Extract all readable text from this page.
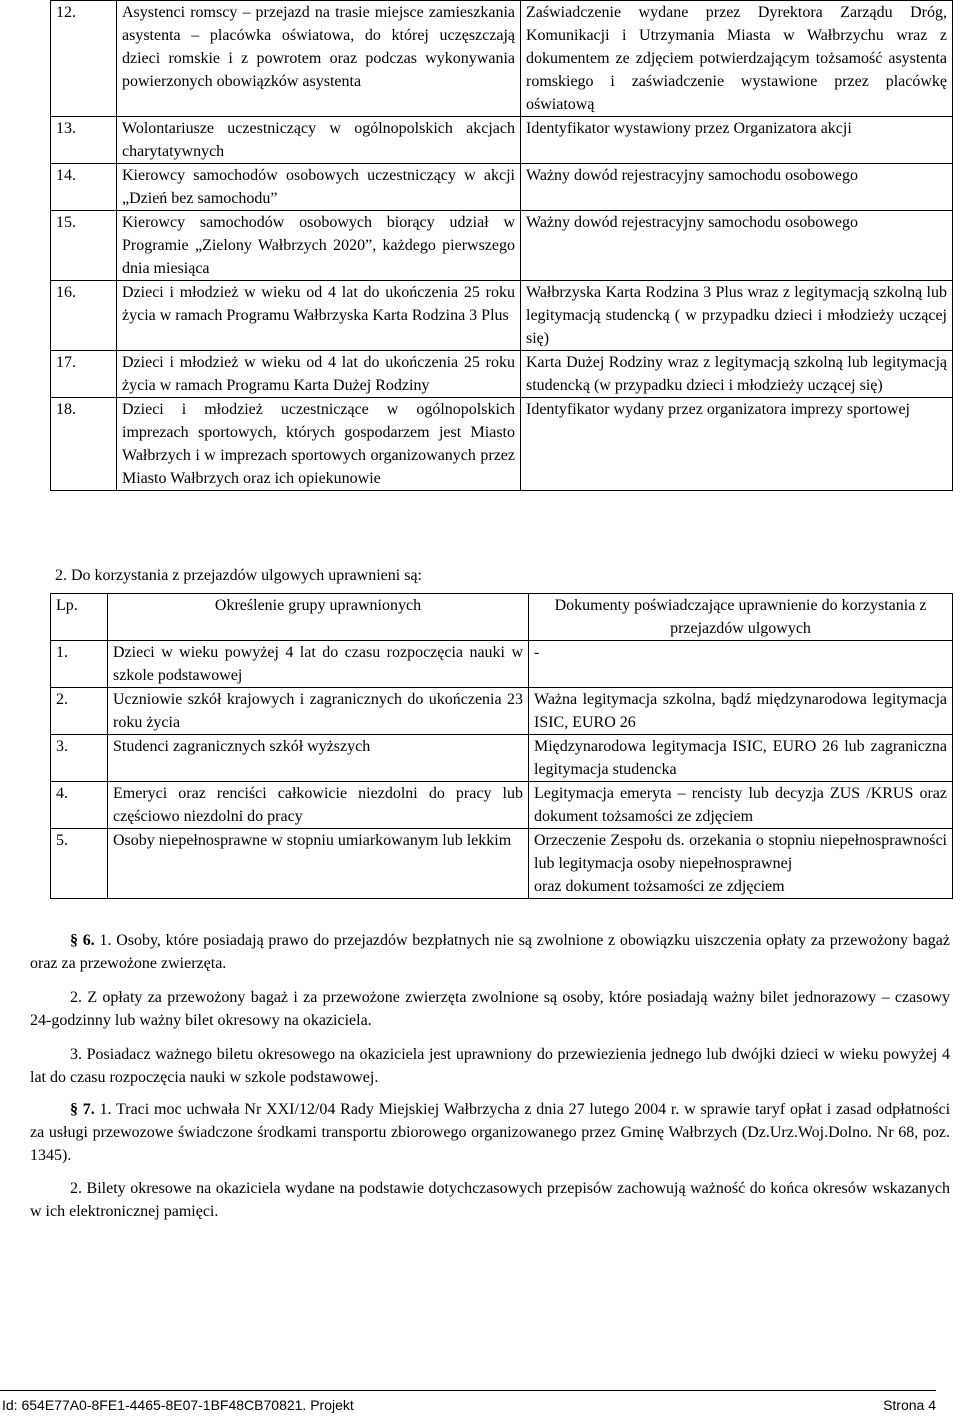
12.	Asystenci romscy – przejazd na trasie miejsce zamieszkania asystenta – placówka oświatowa, do której uczęszczają dzieci romskie i z powrotem oraz podczas wykonywania powierzonych obowiązków asystenta	Zaświadczenie wydane przez Dyrektora Zarządu Dróg, Komunikacji i Utrzymania Miasta w Wałbrzychu wraz z dokumentem ze zdjęciem potwierdzającym tożsamość asystenta romskiego i zaświadczenie wystawione przez placówkę oświatową
13.	Wolontariusze uczestniczący w ogólnopolskich akcjach charytatywnych	Identyfikator wystawiony przez Organizatora akcji
14.	Kierowcy samochodów osobowych uczestniczący w akcji „Dzień bez samochodu”	Ważny dowód rejestracyjny samochodu osobowego
15.	Kierowcy samochodów osobowych biorący udział w Programie „Zielony Wałbrzych 2020”, każdego pierwszego dnia miesiąca	Ważny dowód rejestracyjny samochodu osobowego
16.	Dzieci i młodzież w wieku od 4 lat do ukończenia 25 roku życia w ramach Programu Wałbrzyska Karta Rodzina 3 Plus	Wałbrzyska Karta Rodzina 3 Plus wraz z legitymacją szkolną lub legitymacją studencką ( w przypadku dzieci i młodzieży uczącej się)
17.	Dzieci i młodzież w wieku od 4 lat do ukończenia 25 roku życia w ramach Programu Karta Dużej Rodziny	Karta Dużej Rodziny wraz z legitymacją szkolną lub legitymacją studencką (w przypadku dzieci i młodzieży uczącej się)
18.	Dzieci i młodzież uczestniczące w ogólnopolskich imprezach sportowych, których gospodarzem jest Miasto Wałbrzych i w imprezach sportowych organizowanych przez Miasto Wałbrzych oraz ich opiekunowie	Identyfikator wydany przez organizatora imprezy sportowej
2. Do korzystania z przejazdów ulgowych uprawnieni są:
Lp.	Określenie grupy uprawnionych	Dokumenty poświadczające uprawnienie do korzystania z przejazdów ulgowych
1.	Dzieci w wieku powyżej 4 lat do czasu rozpoczęcia nauki w szkole podstawowej	-
2.	Uczniowie szkół krajowych i zagranicznych do ukończenia 23 roku życia	Ważna legitymacja szkolna, bądź międzynarodowa legitymacja ISIC, EURO 26
3.	Studenci zagranicznych szkół wyższych	Międzynarodowa legitymacja ISIC, EURO 26 lub zagraniczna legitymacja studencka
4.	Emeryci oraz renciści całkowicie niezdolni do pracy lub częściowo niezdolni do pracy	Legitymacja emeryta – rencisty lub decyzja ZUS /KRUS oraz dokument tożsamości ze zdjęciem
5.	Osoby niepełnosprawne w stopniu umiarkowanym lub lekkim	Orzeczenie Zespołu ds. orzekania o stopniu niepełnosprawności lub legitymacja osoby niepełnosprawnej
oraz dokument tożsamości ze zdjęciem
§ 6. 1. Osoby, które posiadają prawo do przejazdów bezpłatnych nie są zwolnione z obowiązku uiszczenia opłaty za przewożony bagaż oraz za przewożone zwierzęta.
2. Z opłaty za przewożony bagaż i za przewożone zwierzęta zwolnione są osoby, które posiadają ważny bilet jednorazowy – czasowy 24-godzinny lub ważny bilet okresowy na okazicielа.
3. Posiadacz ważnego biletu okresowego na okaziciela jest uprawniony do przewiezienia jednego lub dwójki dzieci w wieku powyżej 4 lat do czasu rozpoczęcia nauki w szkole podstawowej.
§ 7. 1. Traci moc uchwała Nr XXI/12/04 Rady Miejskiej Wałbrzycha z dnia 27 lutego 2004 r. w sprawie taryf opłat i zasad odpłatności za usługi przewozowe świadczone środkami transportu zbiorowego organizowanego przez Gminę Wałbrzych (Dz.Urz.Woj.Dolno. Nr 68, poz. 1345).
2. Bilety okresowe na okaziciela wydane na podstawie dotychczasowych przepisów zachowują ważność do końca okresów wskazanych w ich elektronicznej pamięci.
Id: 654E77A0-8FE1-4465-8E07-1BF48CB70821. Projekt	Strona 4
